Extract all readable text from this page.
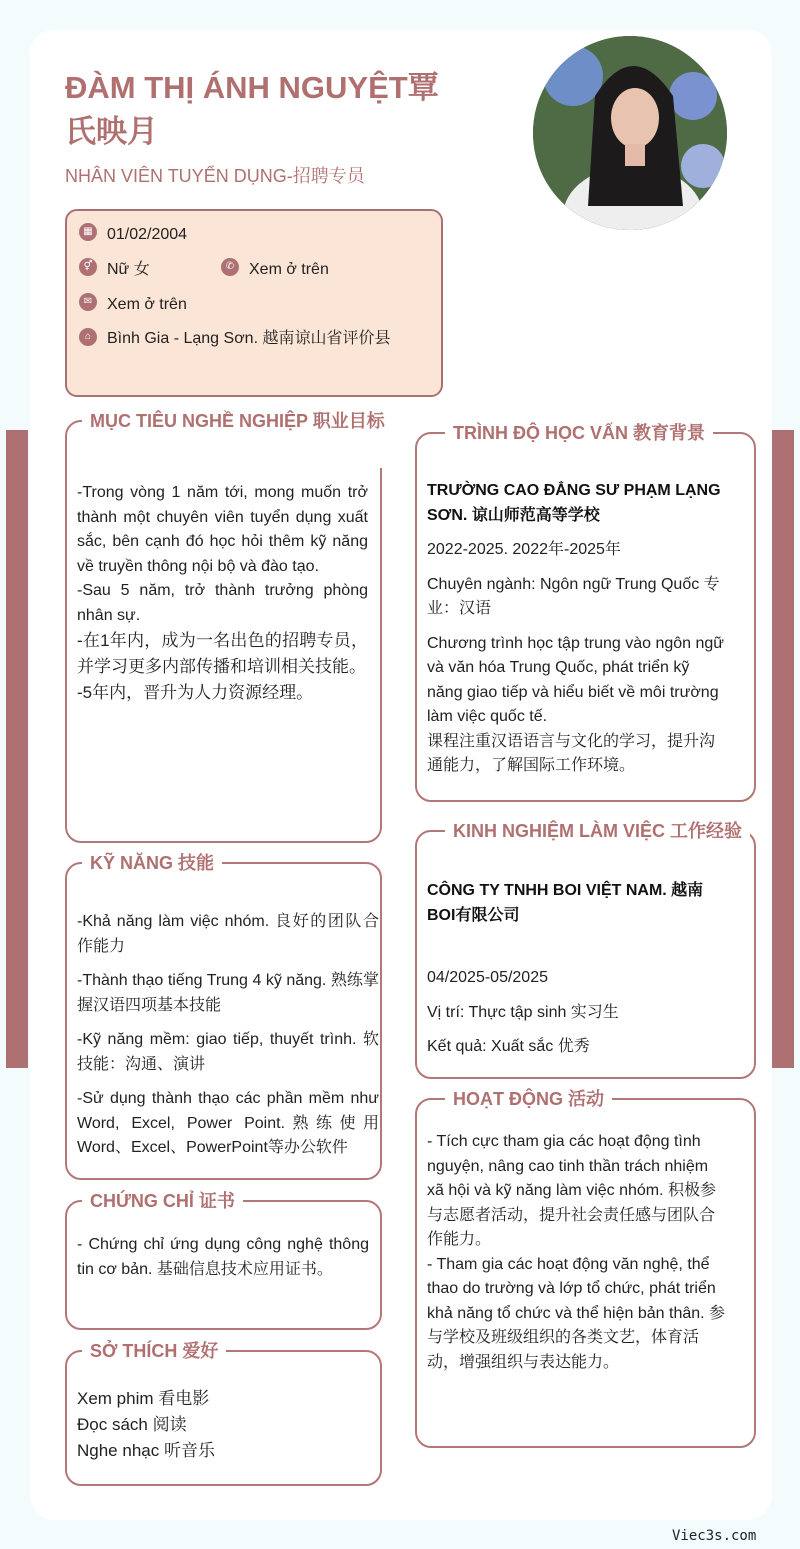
ĐÀM THỊ ÁNH NGUYỆT覃氏映月
NHÂN VIÊN TUYỂN DỤNG-招聘专员
▦ 01/02/2004
⚥ Nữ 女	✆ Xem ở trên
✉ Xem ở trên
⌂ Bình Gia - Lạng Sơn. 越南谅山省评价县
MỤC TIÊU NGHỀ NGHIỆP 职业目标

-Trong vòng 1 năm tới, mong muốn trở thành một chuyên viên tuyển dụng xuất sắc, bên cạnh đó học hỏi thêm kỹ năng về truyền thông nội bộ và đào tạo.

-Sau 5 năm, trở thành trưởng phòng nhân sự.

-在1年内，成为一名出色的招聘专员，并学习更多内部传播和培训相关技能。

-5年内，晋升为人力资源经理。

KỸ NĂNG 技能

-Khả năng làm việc nhóm. 良好的团队合作能力

-Thành thạo tiếng Trung 4 kỹ năng. 熟练掌握汉语四项基本技能

-Kỹ năng mềm: giao tiếp, thuyết trình. 软技能：沟通、演讲

-Sử dụng thành thạo các phần mềm như Word, Excel, Power Point.熟练使用Word、Excel、PowerPoint等办公软件

CHỨNG CHỈ 证书
- Chứng chỉ ứng dụng công nghệ thông tin cơ bản. 基础信息技术应用证书。
SỞ THÍCH 爱好

Xem phim 看电影

Đọc sách 阅读

Nghe nhạc 听音乐

TRÌNH ĐỘ HỌC VẤN 教育背景

TRƯỜNG CAO ĐẲNG SƯ PHẠM LẠNG SƠN. 谅山师范高等学校

2022-2025. 2022年-2025年

Chuyên ngành: Ngôn ngữ Trung Quốc 专业：汉语

Chương trình học tập trung vào ngôn ngữ và văn hóa Trung Quốc, phát triển kỹ năng giao tiếp và hiểu biết về môi trường làm việc quốc tế.

课程注重汉语语言与文化的学习，提升沟通能力，了解国际工作环境。

KINH NGHIỆM LÀM VIỆC 工作经验

CÔNG TY TNHH BOI VIỆT NAM. 越南BOI有限公司

04/2025-05/2025

Vị trí: Thực tập sinh 实习生

Kết quả: Xuất sắc 优秀

HOẠT ĐỘNG 活动

- Tích cực tham gia các hoạt động tình nguyện, nâng cao tinh thần trách nhiệm xã hội và kỹ năng làm việc nhóm. 积极参与志愿者活动，提升社会责任感与团队合作能力。

- Tham gia các hoạt động văn nghệ, thể thao do trường và lớp tổ chức, phát triển khả năng tổ chức và thể hiện bản thân. 参与学校及班级组织的各类文艺，体育活动，增强组织与表达能力。

Viec3s.com
